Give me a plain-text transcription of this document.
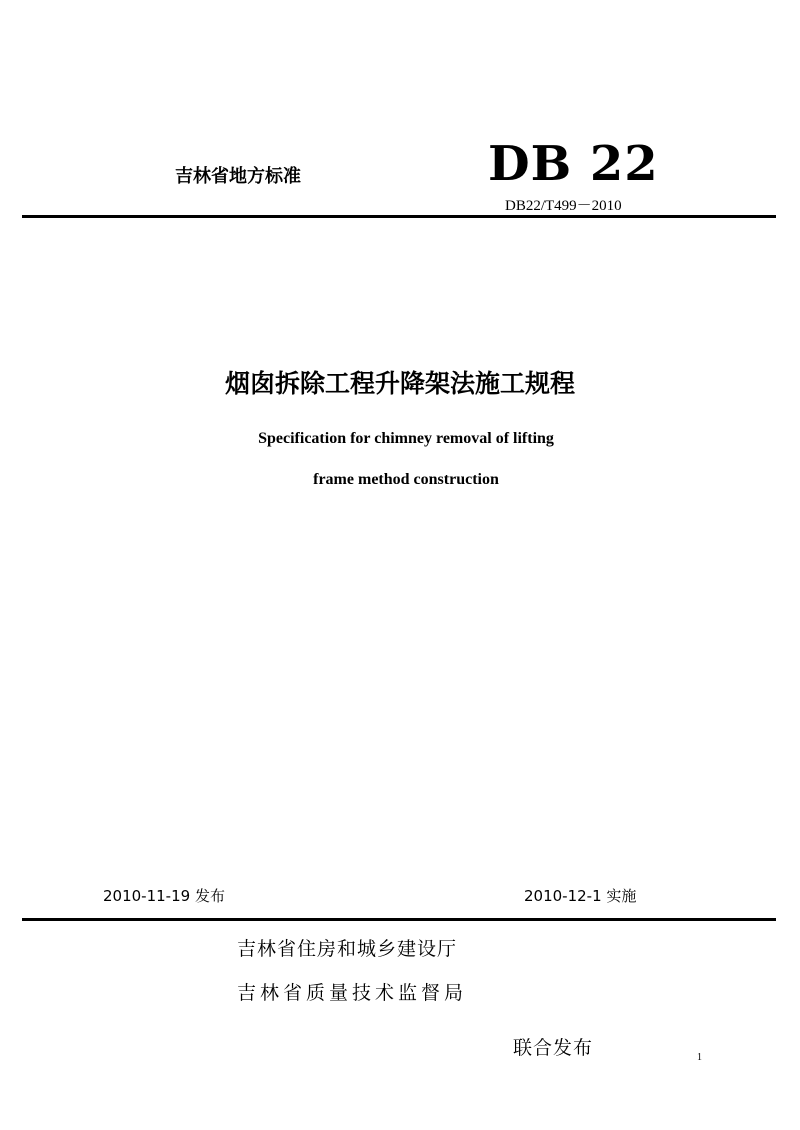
吉林省地方标准	DB 22
DB22/T499－2010
烟囱拆除工程升降架法施工规程
Specification for chimney removal of lifting
frame method construction
2010-11-19 发布	2010-12-1 实施
吉林省住房和城乡建设厅
吉林省质量技术监督局
联合发布	1
